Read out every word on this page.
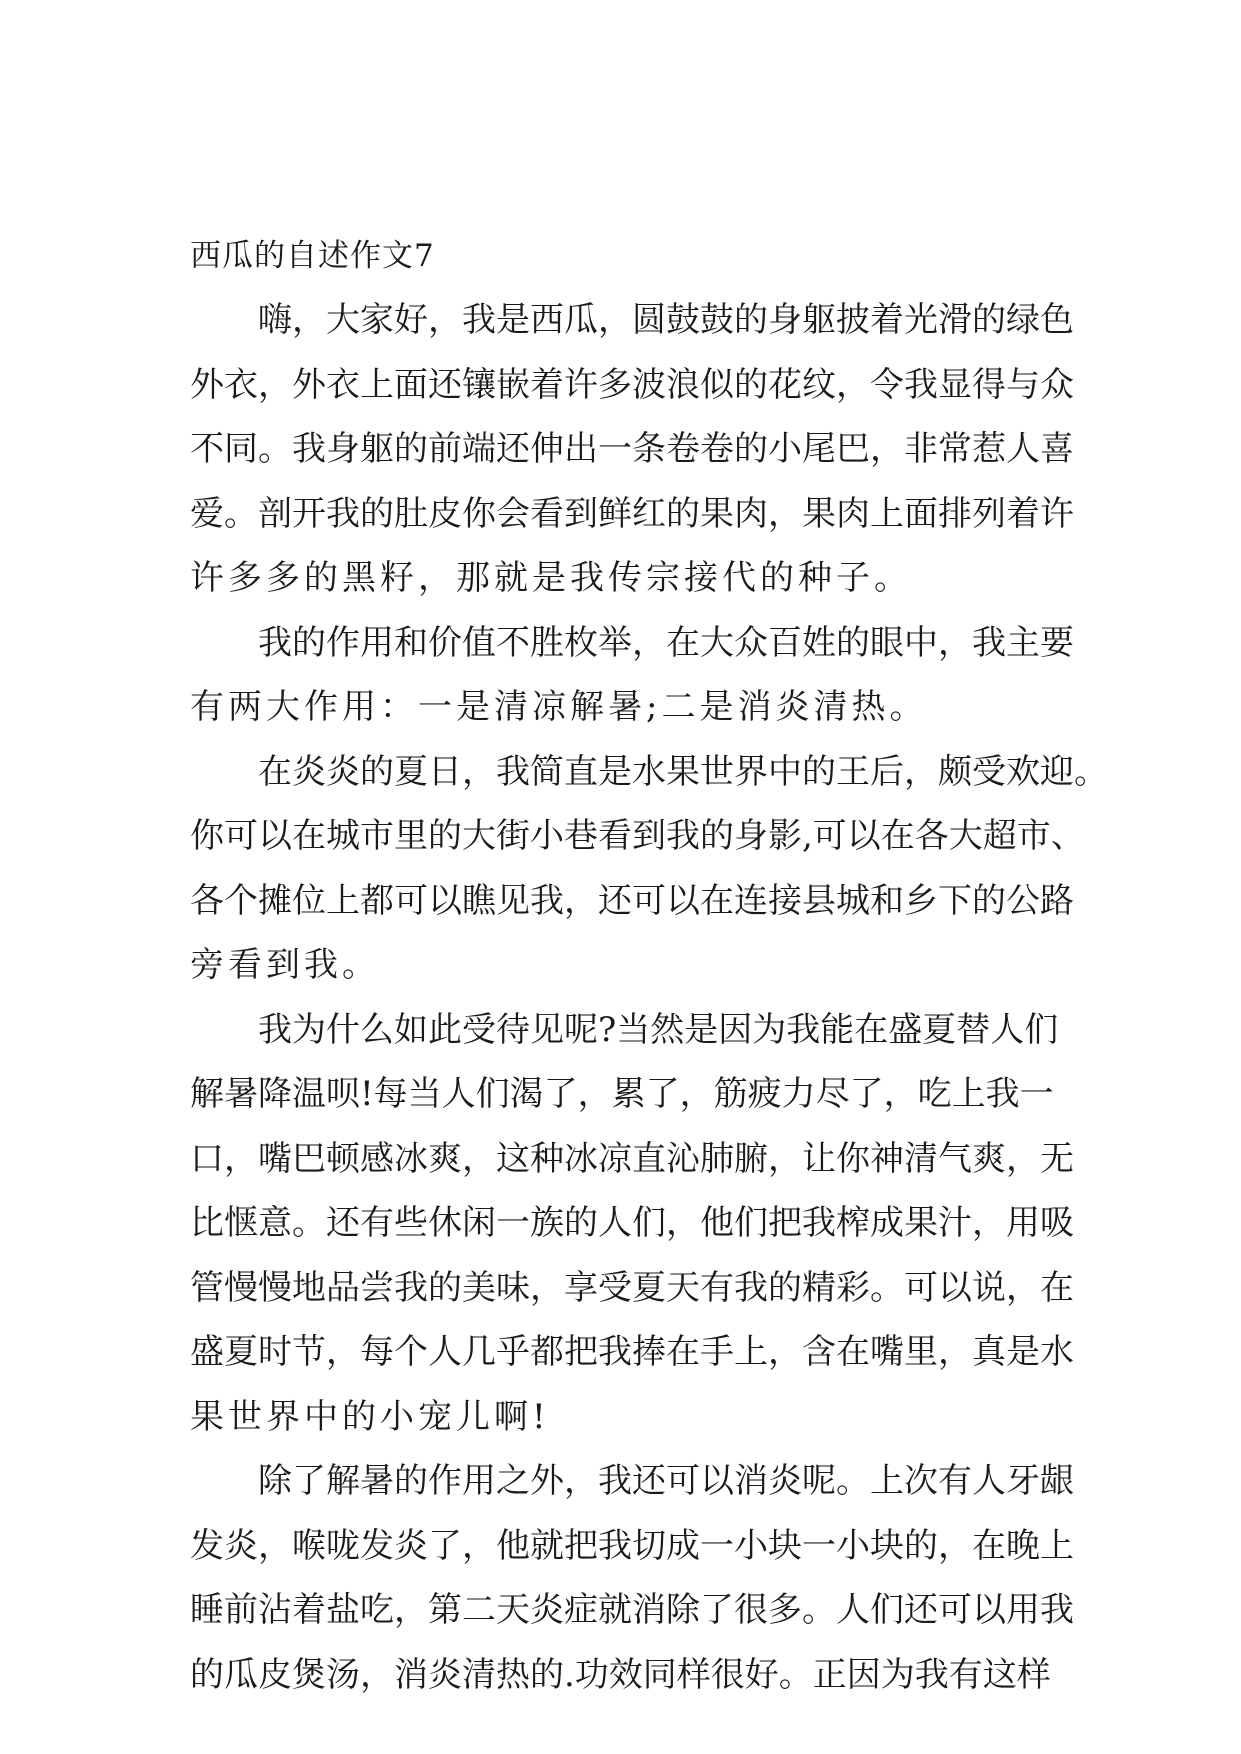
西瓜的自述作文7
嗨，大家好，我是西瓜，圆鼓鼓的身躯披着光滑的绿色
外衣，外衣上面还镶嵌着许多波浪似的花纹，令我显得与众
不同。我身躯的前端还伸出一条卷卷的小尾巴，非常惹人喜
爱。剖开我的肚皮你会看到鲜红的果肉，果肉上面排列着许
许多多的黑籽，那就是我传宗接代的种子。
我的作用和价值不胜枚举，在大众百姓的眼中，我主要
有两大作用：一是清凉解暑;二是消炎清热。
在炎炎的夏日，我简直是水果世界中的王后，颇受欢迎。
你可以在城市里的大街小巷看到我的身影,可以在各大超市、
各个摊位上都可以瞧见我，还可以在连接县城和乡下的公路
旁看到我。
我为什么如此受待见呢?当然是因为我能在盛夏替人们
解暑降温呗!每当人们渴了，累了，筋疲力尽了，吃上我一
口，嘴巴顿感冰爽，这种冰凉直沁肺腑，让你神清气爽，无
比惬意。还有些休闲一族的人们，他们把我榨成果汁，用吸
管慢慢地品尝我的美味，享受夏天有我的精彩。可以说，在
盛夏时节，每个人几乎都把我捧在手上，含在嘴里，真是水
果世界中的小宠儿啊!
除了解暑的作用之外，我还可以消炎呢。上次有人牙龈
发炎，喉咙发炎了，他就把我切成一小块一小块的，在晚上
睡前沾着盐吃，第二天炎症就消除了很多。人们还可以用我
的瓜皮煲汤，消炎清热的.功效同样很好。正因为我有这样
